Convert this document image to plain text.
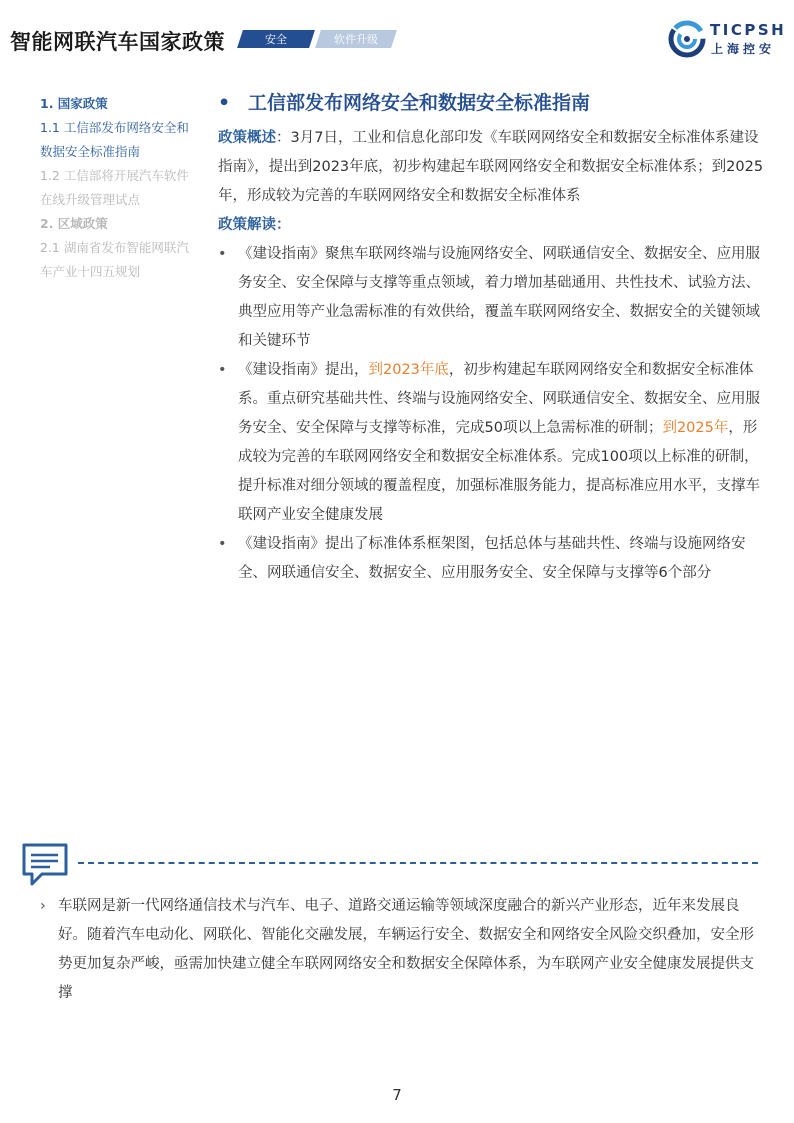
智能网联汽车国家政策	安全	软件升级
TICPSH
上海控安
1. 国家政策
1.1 工信部发布网络安全和
数据安全标准指南
1.2 工信部将开展汽车软件
在线升级管理试点
2. 区域政策
2.1 湖南省发布智能网联汽
车产业十四五规划
• 工信部发布网络安全和数据安全标准指南
政策概述：3月7日，工业和信息化部印发《车联网网络安全和数据安全标准体系建设指南》，提出到2023年底，初步构建起车联网网络安全和数据安全标准体系；到2025年，形成较为完善的车联网网络安全和数据安全标准体系
政策解读：
• 《建设指南》聚焦车联网终端与设施网络安全、网联通信安全、数据安全、应用服务安全、安全保障与支撑等重点领域，着力增加基础通用、共性技术、试验方法、典型应用等产业急需标准的有效供给，覆盖车联网网络安全、数据安全的关键领域和关键环节
• 《建设指南》提出，到2023年底，初步构建起车联网网络安全和数据安全标准体系。重点研究基础共性、终端与设施网络安全、网联通信安全、数据安全、应用服务安全、安全保障与支撑等标准，完成50项以上急需标准的研制；到2025年，形成较为完善的车联网网络安全和数据安全标准体系。完成100项以上标准的研制，提升标准对细分领域的覆盖程度，加强标准服务能力，提高标准应用水平，支撑车联网产业安全健康发展
• 《建设指南》提出了标准体系框架图，包括总体与基础共性、终端与设施网络安全、网联通信安全、数据安全、应用服务安全、安全保障与支撑等6个部分
› 车联网是新一代网络通信技术与汽车、电子、道路交通运输等领域深度融合的新兴产业形态，近年来发展良好。随着汽车电动化、网联化、智能化交融发展，车辆运行安全、数据安全和网络安全风险交织叠加，安全形势更加复杂严峻，亟需加快建立健全车联网网络安全和数据安全保障体系，为车联网产业安全健康发展提供支撑
7
